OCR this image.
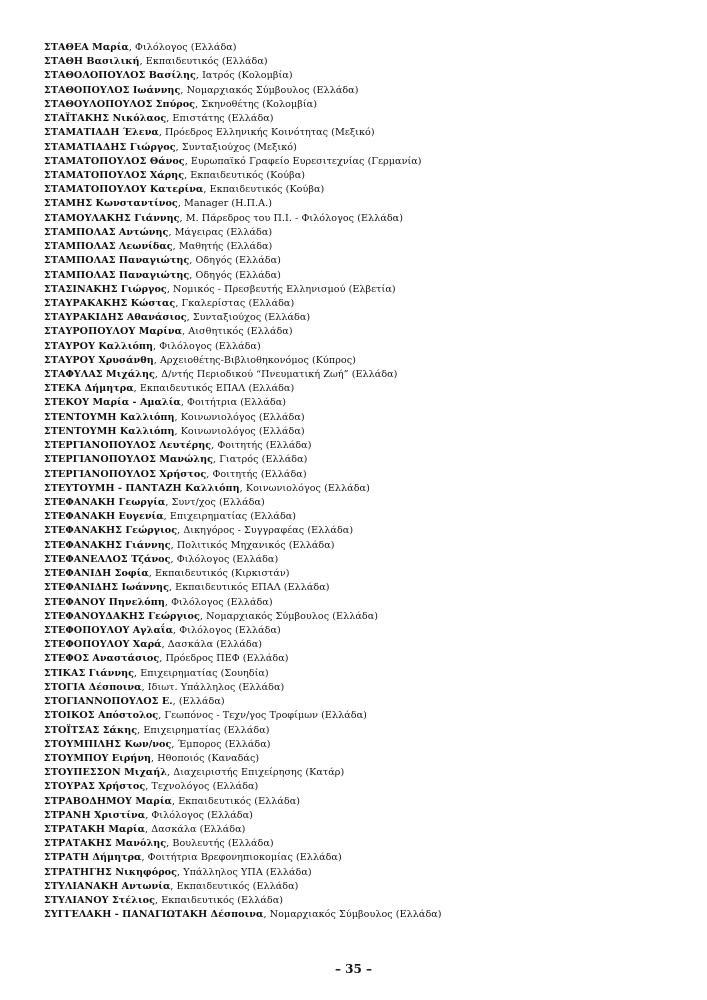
ΣΤΑΘΕΑ Μαρία, Φιλόλογος (Ελλάδα)
ΣΤΑΘΗ Βασιλική, Εκπαιδευτικός (Ελλάδα)
ΣΤΑΘΟΛΟΠΟΥΛΟΣ Βασίλης, Ιατρός (Κολομβία)
ΣΤΑΘΟΠΟΥΛΟΣ Ιωάννης, Νομαρχιακός Σύμβουλος (Ελλάδα)
ΣΤΑΘΟΥΛΟΠΟΥΛΟΣ Σπύρος, Σκηνοθέτης (Κολομβία)
ΣΤΑΪΤΑΚΗΣ Νικόλαος, Επιστάτης (Ελλάδα)
ΣΤΑΜΑΤΙΑΔΗ Έλενα, Πρόεδρος Ελληνικής Κοινότητας (Μεξικό)
ΣΤΑΜΑΤΙΑΔΗΣ Γιώργος, Συνταξιούχος (Μεξικό)
ΣΤΑΜΑΤΟΠΟΥΛΟΣ Θάνος, Ευρωπαϊκό Γραφείο Ευρεσιτεχνίας (Γερμανία)
ΣΤΑΜΑΤΟΠΟΥΛΟΣ Χάρης, Εκπαιδευτικός (Κούβα)
ΣΤΑΜΑΤΟΠΟΥΛΟΥ Κατερίνα, Εκπαιδευτικός (Κούβα)
ΣΤΑΜΗΣ Κωνσταντίνος, Manager (Η.Π.Α.)
ΣΤΑΜΟΥΛΑΚΗΣ Γιάννης, Μ. Πάρεδρος του Π.Ι. - Φιλόλογος (Ελλάδα)
ΣΤΑΜΠΟΛΑΣ Αντώνης, Μάγειρας (Ελλάδα)
ΣΤΑΜΠΟΛΑΣ Λεωνίδας, Μαθητής (Ελλάδα)
ΣΤΑΜΠΟΛΑΣ Παναγιώτης, Οδηγός (Ελλάδα)
ΣΤΑΜΠΟΛΑΣ Παναγιώτης, Οδηγός (Ελλάδα)
ΣΤΑΣΙΝΑΚΗΣ Γιώργος, Νομικός - Πρεσβευτής Ελληνισμού (Ελβετία)
ΣΤΑΥΡΑΚΑΚΗΣ Κώστας, Γκαλερίστας (Ελλάδα)
ΣΤΑΥΡΑΚΙΔΗΣ Αθανάσιος, Συνταξιούχος (Ελλάδα)
ΣΤΑΥΡΟΠΟΥΛΟΥ Μαρίνα, Αισθητικός (Ελλάδα)
ΣΤΑΥΡΟΥ Καλλιόπη, Φιλόλογος (Ελλάδα)
ΣΤΑΥΡΟΥ Χρυσάνθη, Αρχειοθέτης-Βιβλιοθηκονόμος (Κύπρος)
ΣΤΑΦΥΛΑΣ Μιχάλης, Δ/ντής Περιοδικού “Πνευματική Ζωή” (Ελλάδα)
ΣΤΕΚΑ Δήμητρα, Εκπαιδευτικός ΕΠΑΛ (Ελλάδα)
ΣΤΕΚΟΥ Μαρία - Αμαλία, Φοιτήτρια (Ελλάδα)
ΣΤΕΝΤΟΥΜΗ Καλλιόπη, Κοινωνιολόγος (Ελλάδα)
ΣΤΕΝΤΟΥΜΗ Καλλιόπη, Κοινωνιολόγος (Ελλάδα)
ΣΤΕΡΓΙΑΝΟΠΟΥΛΟΣ Λευτέρης, Φοιτητής (Ελλάδα)
ΣΤΕΡΓΙΑΝΟΠΟΥΛΟΣ Μανώλης, Γιατρός (Ελλάδα)
ΣΤΕΡΓΙΑΝΟΠΟΥΛΟΣ Χρήστος, Φοιτητής (Ελλάδα)
ΣΤΕΥΤΟΥΜΗ - ΠΑΝΤΑΖΗ Καλλιόπη, Κοινωνιολόγος (Ελλάδα)
ΣΤΕΦΑΝΑΚΗ Γεωργία, Συντ/χος (Ελλάδα)
ΣΤΕΦΑΝΑΚΗ Ευγενία, Επιχειρηματίας (Ελλάδα)
ΣΤΕΦΑΝΑΚΗΣ Γεώργιος, Δικηγόρος - Συγγραφέας (Ελλάδα)
ΣΤΕΦΑΝΑΚΗΣ Γιάννης, Πολιτικός Μηχανικός (Ελλάδα)
ΣΤΕΦΑΝΕΛΛΟΣ Τζάνος, Φιλόλογος (Ελλάδα)
ΣΤΕΦΑΝΙΔΗ Σοφία, Εκπαιδευτικός (Κιρκιστάν)
ΣΤΕΦΑΝΙΔΗΣ Ιωάννης, Εκπαιδευτικός ΕΠΑΛ (Ελλάδα)
ΣΤΕΦΑΝΟΥ Πηνελόπη, Φιλόλογος (Ελλάδα)
ΣΤΕΦΑΝΟΥΔΑΚΗΣ Γεώργιος, Νομαρχιακός Σύμβουλος (Ελλάδα)
ΣΤΕΦΟΠΟΥΛΟΥ Αγλαΐα, Φιλόλογος (Ελλάδα)
ΣΤΕΦΟΠΟΥΛΟΥ Χαρά, Δασκάλα (Ελλάδα)
ΣΤΕΦΟΣ Αναστάσιος, Πρόεδρος ΠΕΦ (Ελλάδα)
ΣΤΙΚΑΣ Γιάννης, Επιχειρηματίας (Σουηδία)
ΣΤΟΓΙΑ Δέσποινα, Ιδιωτ. Υπάλληλος (Ελλάδα)
ΣΤΟΓΙΑΝΝΟΠΟΥΛΟΣ Ε., (Ελλάδα)
ΣΤΟΙΚΟΣ Απόστολος, Γεωπόνος - Τεχν/γος Τροφίμων (Ελλάδα)
ΣΤΟΪΤΣΑΣ Σάκης, Επιχειρηματίας (Ελλάδα)
ΣΤΟΥΜΠΙΛΗΣ Κων/νος, Έμπορος (Ελλάδα)
ΣΤΟΥΜΠΟΥ Ειρήνη, Ηθοποιός (Καναδάς)
ΣΤΟΥΠΕΣΣΟΝ Μιχαήλ, Διαχειριστής Επιχείρησης (Κατάρ)
ΣΤΟΥΡΑΣ Χρήστος, Τεχνολόγος (Ελλάδα)
ΣΤΡΑΒΟΔΗΜΟΥ Μαρία, Εκπαιδευτικός (Ελλάδα)
ΣΤΡΑΝΗ Χριστίνα, Φιλόλογος (Ελλάδα)
ΣΤΡΑΤΑΚΗ Μαρία, Δασκάλα (Ελλάδα)
ΣΤΡΑΤΑΚΗΣ Μανόλης, Βουλευτής (Ελλάδα)
ΣΤΡΑΤΗ Δήμητρα, Φοιτήτρια Βρεφονηπιοκομίας (Ελλάδα)
ΣΤΡΑΤΗΓΗΣ Νικηφόρος, Υπάλληλος ΥΠΑ (Ελλάδα)
ΣΤΥΛΙΑΝΑΚΗ Αντωνία, Εκπαιδευτικός (Ελλάδα)
ΣΤΥΛΙΑΝΟΥ Στέλιος, Εκπαιδευτικός (Ελλάδα)
ΣΥΓΓΕΛΑΚΗ - ΠΑΝΑΓΙΩΤΑΚΗ Δέσποινα, Νομαρχιακός Σύμβουλος (Ελλάδα)
– 35 –
